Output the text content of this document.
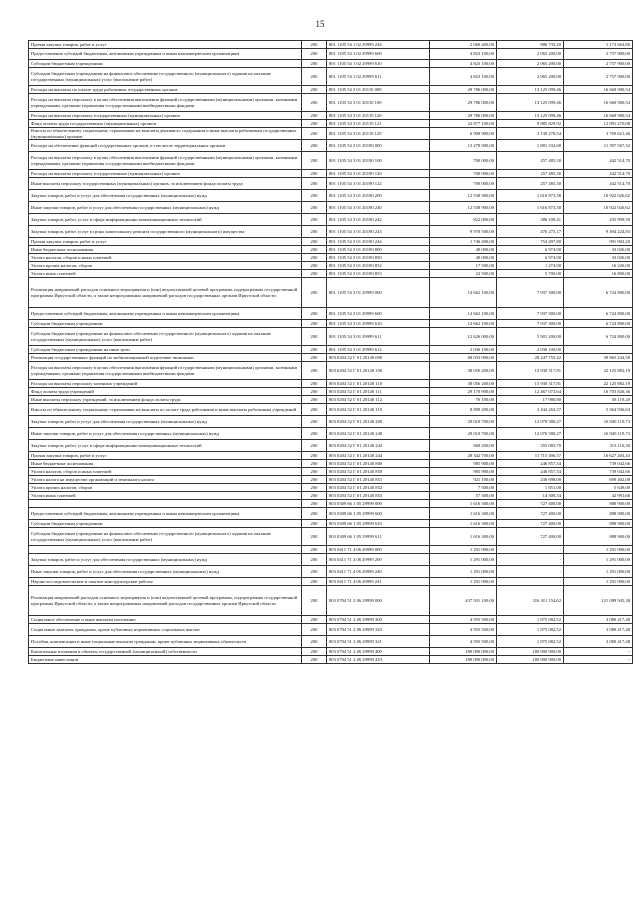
15
Прочая закупка товаров, работ и услуг	200	801 1105 54 1 02 29999 244	2 060 400,00	886 735,20	1 173 664,80
Предоставление субсидий бюджетным, автономным учреждениям и иным некоммерческим организациям	200	801 1105 54 1 02 29999 600	4 823 100,00	2 065 200,00	2 757 900,00
Субсидии бюджетным учреждениям	200	801 1105 54 1 02 29999 610	4 823 100,00	2 065 200,00	2 757 900,00
Субсидии бюджетным учреждениям на финансовое обеспечение государственного (муниципального) задания на оказание государственных (муниципальных) услуг (выполнение работ)	200	801 1105 54 1 02 29999 611	4 823 100,00	2 065 200,00	2 757 900,00
Расходы на выплаты по оплате труда работников государственных органов	200	801 1105 54 3 01 20110 000	29 786 000,00	13 125 099,46	16 660 900,54
Расходы на выплаты персоналу в целях обеспечения выполнения функций государственными (муниципальными) органами, казенными учреждениями, органами управления государственными внебюджетными фондами	200	801 1105 54 3 01 20110 100	29 786 000,00	13 125 099,46	16 660 900,54
Расходы на выплаты персоналу государственных (муниципальных) органов	200	801 1105 54 3 01 20110 120	29 786 000,00	13 125 099,46	16 660 900,54
Фонд оплаты труда государственных (муниципальных) органов	200	801 1105 54 3 01 20110 121	22 877 100,00	9 985 829,92	12 891 270,08
Взносы по обязательному социальному страхованию на выплаты денежного содержания и иные выплаты работникам государственных (муниципальных) органов	200	801 1105 54 3 01 20110 129	6 908 900,00	3 139 278,54	3 769 621,46
Расходы на обеспечение функций государственных органов, в том числе территориальных органов	200	801 1105 54 3 01 20190 000	13 278 900,00	1 881 332,68	11 397 567,32
Расходы на выплаты персоналу в целях обеспечения выполнения функций государственными (муниципальными) органами, казенными учреждениями, органами управления государственными внебюджетными фондами	200	801 1105 54 3 01 20190 100	700 000,00	257 485,30	442 514,70
Расходы на выплаты персоналу государственных (муниципальных) органов	200	801 1105 54 3 01 20190 120	700 000,00	257 485,30	442 514,70
Иные выплаты персоналу государственных (муниципальных) органов, за исключением фонда оплаты труда	200	801 1105 54 3 01 20190 122	700 000,00	257 485,30	442 514,70
Закупка товаров, работ и услуг для обеспечения государственных (муниципальных) нужд	200	801 1105 54 3 01 20190 200	12 538 900,00	1 616 873,38	10 922 026,62
Иные закупки товаров, работ и услуг для обеспечения государственных (муниципальных) нужд	200	801 1105 54 3 01 20190 240	12 538 900,00	1 616 873,38	10 922 026,62
Закупка товаров, работ, услуг в сфере информационно-коммуникационных технологий	200	801 1105 54 3 01 20190 242	822 000,00	386 100,41	435 899,59
Закупка товаров, работ, услуг в целях капитального ремонта государственного (муниципального) имущества	200	801 1105 54 3 01 20190 243	9 970 500,00	476 275,17	9 494 224,83
Прочая закупка товаров, работ и услуг	200	801 1105 54 3 01 20190 244	1 746 400,00	754 497,80	991 902,20
Иные бюджетные ассигнования	200	801 1105 54 3 01 20190 800	40 000,00	6 974,00	33 026,00
Уплата налогов, сборов и иных платежей	200	801 1105 54 3 01 20190 850	40 000,00	6 974,00	33 026,00
Уплата прочих налогов, сборов	200	801 1105 54 3 01 20190 852	17 500,00	1 274,00	16 226,00
Уплата иных платежей	200	801 1105 54 3 01 20190 853	22 500,00	5 700,00	16 800,00
Реализация направлений расходов основного мероприятия и (или) ведомственной целевой программы, подпрограммы государственной программы Иркутской области, а также непрограммных направлений расходов государственных органов Иркутской области	200	801 1105 54 3 01 29999 000	14 662 100,00	7 937 300,00	6 724 800,00
Предоставление субсидий бюджетным, автономным учреждениям и иным некоммерческим организациям	200	801 1105 54 3 01 29999 600	14 662 100,00	7 937 300,00	6 724 800,00
Субсидии бюджетным учреждениям	200	801 1105 54 3 01 29999 610	14 662 100,00	7 937 300,00	6 724 800,00
Субсидии бюджетным учреждениям на финансовое обеспечение государственного (муниципального) задания на оказание государственных (муниципальных) услуг (выполнение работ)	200	801 1105 54 3 01 29999 611	12 626 000,00	5 901 200,00	6 724 800,00
Субсидии бюджетным учреждениям на иные цели	200	801 1105 54 3 01 29999 612	2 036 100,00	2 036 100,00	
Реализация государственных функций по мобилизационной подготовке экономики	200	803 0204 52 Г 01 20140 000	68 033 000,00	28 247 755,42	39 865 244,58
Расходы на выплаты персоналу в целях обеспечения выполнения функций государственными (муниципальными) органами, казенными учреждениями, органами управления государственными внебюджетными фондами	200	803 0204 52 Г 01 20140 100	38 056 200,00	15 930 317,81	22 125 882,19
Расходы на выплаты персоналу казенных учреждений	200	803 0204 52 Г 01 20140 110	38 056 200,00	15 930 317,81	22 125 882,19
Фонд оплаты труда учреждений	200	803 0204 52 Г 01 20140 111	29 170 900,00	12 467 073,64	16 703 826,36
Иные выплаты персоналу учреждений, за исключением фонда оплаты труда	200	803 0204 52 Г 01 20140 112	76 100,00	17 980,80	58 119,20
Взносы по обязательному социальному страхованию на выплаты по оплате труда работников и иные выплаты работникам учреждений	200	803 0204 52 Г 01 20140 119	8 809 200,00	3 444 263,37	5 364 936,63
Закупка товаров, работ и услуг для обеспечения государственных (муниципальных) нужд	200	803 0204 52 Г 01 20140 200	29 010 700,00	12 070 580,27	16 940 119,73
Иные закупки товаров, работ и услуг для обеспечения государственных (муниципальных) нужд	200	803 0204 52 Г 01 20140 240	29 010 700,00	12 070 580,27	16 940 119,73
Закупка товаров, работ, услуг в сфере информационно-коммуникационных технологий	200	803 0204 52 Г 01 20140 242	668 200,00	355 083,70	313 116,30
Прочая закупка товаров, работ и услуг	200	803 0204 52 Г 01 20140 244	28 342 700,00	11 715 496,57	16 627 203,43
Иные бюджетные ассигнования	200	803 0204 52 Г 01 20140 800	985 900,00	246 857,34	739 042,66
Уплата налогов, сборов и иных платежей	200	803 0204 52 Г 01 20140 850	985 900,00	246 857,34	739 042,66
Уплата налога на имущество организаций и земельного налога	200	803 0204 52 Г 01 20140 851	921 100,00	230 698,00	690 402,00
Уплата прочих налогов, сборов	200	803 0204 52 Г 01 20140 852	7 500,00	1 851,00	5 649,00
Уплата иных платежей	200	803 0204 52 Г 01 20140 853	57 300,00	14 308,34	42 991,66
	200	803 0309 66 1 05 29999 000	1 616 300,00	727 400,00	888 900,00
Предоставление субсидий бюджетным, автономным учреждениям и иным некоммерческим организациям	200	803 0309 66 1 05 29999 600	1 616 300,00	727 400,00	888 900,00
Субсидии бюджетным учреждениям	200	803 0309 66 1 05 29999 610	1 616 300,00	727 400,00	888 900,00
Субсидии бюджетным учреждениям на финансовое обеспечение государственного (муниципального) задания на оказание государственных (муниципальных) услуг (выполнение работ)	200	803 0309 66 1 05 29999 611	1 616 300,00	727 400,00	888 900,00
	200	803 0411 71 4 06 29999 000	1 291 000,00	-	1 291 000,00
Закупка товаров, работ и услуг для обеспечения государственных (муниципальных) нужд	200	803 0411 71 4 06 29999 200	1 291 000,00	-	1 291 000,00
Иные закупки товаров, работ и услуг для обеспечения государственных (муниципальных) нужд	200	803 0411 71 4 06 29999 240	1 291 000,00	-	1 291 000,00
Научно-исследовательские и опытно-конструкторские работы	200	803 0411 71 4 06 29999 241	1 291 000,00	-	1 291 000,00
Реализация направлений расходов основного мероприятия и (или) ведомственной целевой программы, подпрограммы государственной программы Иркутской области, а также непрограммных направлений расходов государственных органов Иркутской области	200	803 0704 51 2 06 29999 000	437 501 100,00	316 411 154,62	121 089 945,38
Социальное обеспечение и иные выплаты населению	200	803 0704 51 2 06 29999 300	4 955 500,00	1 875 082,52	3 080 417,48
Социальные выплаты гражданам, кроме публичных нормативных социальных выплат	200	803 0704 51 2 06 29999 320	4 955 500,00	1 875 082,52	3 080 417,48
Пособия, компенсации и иные социальные выплаты гражданам, кроме публичных нормативных обязательств	200	803 0704 51 2 06 29999 321	4 955 500,00	1 875 082,52	3 080 417,48
Капитальные вложения в объекты государственной (муниципальной) собственности	200	803 0704 51 2 06 29999 400	180 000 000,00	180 000 000,00	-
Бюджетные инвестиции	200	803 0704 51 2 06 29999 410	180 000 000,00	180 000 000,00	-
